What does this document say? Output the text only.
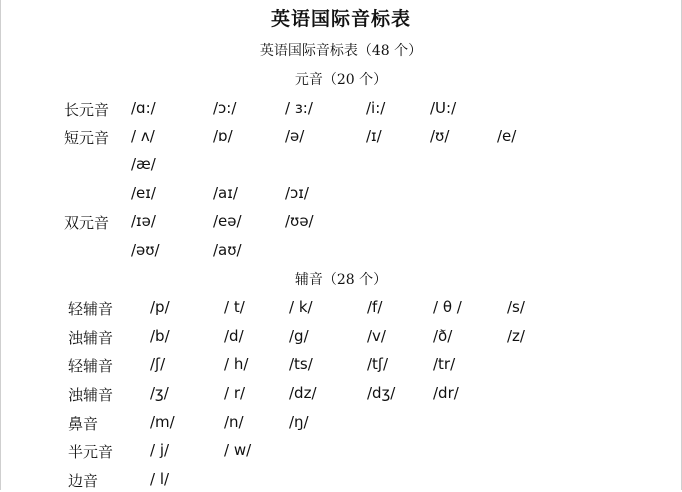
英语国际音标表
英语国际音标表（48 个）
元音（20 个）
长元音 /ɑ:/	/ɔ:/	/ ɜ:/	/i:/	/U:/
短元音 / ʌ/	/ɒ/	/ə/	/ɪ/	/ʊ/	/e/
/æ/
/eɪ/	/aɪ/	/ɔɪ/
双元音 /ɪə/	/eə/	/ʊə/
/əʊ/	/aʊ/
辅音（28 个）
轻辅音 /p/	/ t/	/ k/	/f/	/ θ /	/s/
浊辅音 /b/	/d/	/g/	/v/	/ð/	/z/
轻辅音 /ʃ/	/ h/	/ts/	/tʃ/	/tr/
浊辅音 /ʒ/	/ r/	/dz/	/dʒ/	/dr/
鼻音	/m/	/n/	/ŋ/
半元音 / j/	/ w/
边音	/ l/
